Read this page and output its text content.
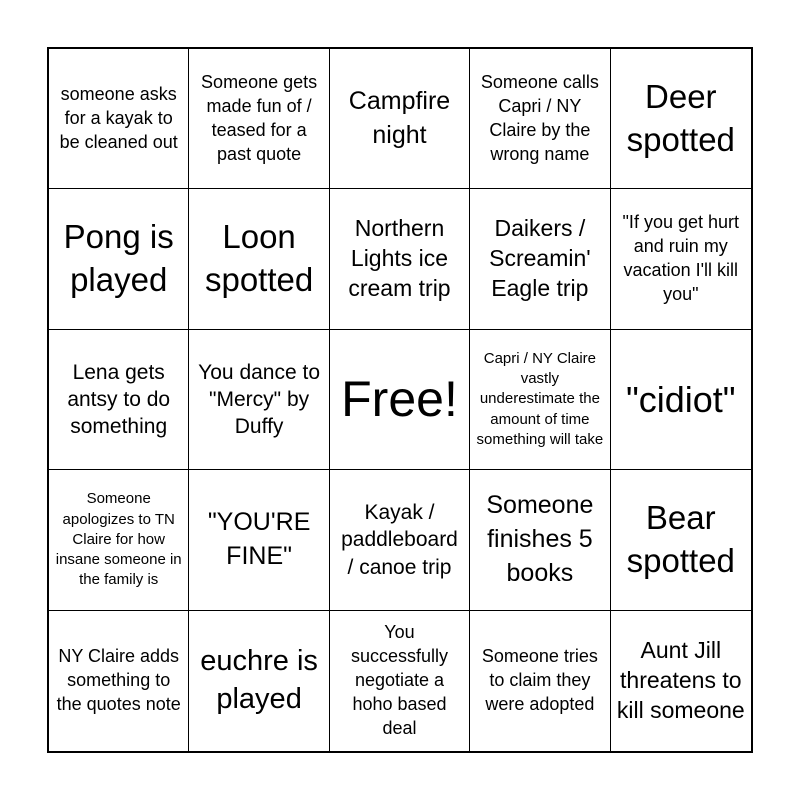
someone asks for a kayak to be cleaned out
Someone gets made fun of / teased for a past quote
Campfire night
Someone calls Capri / NY Claire by the wrong name
Deer spotted
Pong is played
Loon spotted
Northern Lights ice cream trip
Daikers / Screamin' Eagle trip
"If you get hurt and ruin my vacation I'll kill you"
Lena gets antsy to do something
You dance to "Mercy" by Duffy	Free!
Capri / NY Claire vastly underestimate the amount of time something will take
"cidiot"
Someone apologizes to TN Claire for how insane someone in the family is
"YOU'RE FINE"
Kayak / paddleboard / canoe trip
Someone finishes 5 books
Bear spotted
NY Claire adds something to the quotes note
euchre is played
You successfully negotiate a hoho based deal
Someone tries to claim they were adopted
Aunt Jill threatens to kill someone
